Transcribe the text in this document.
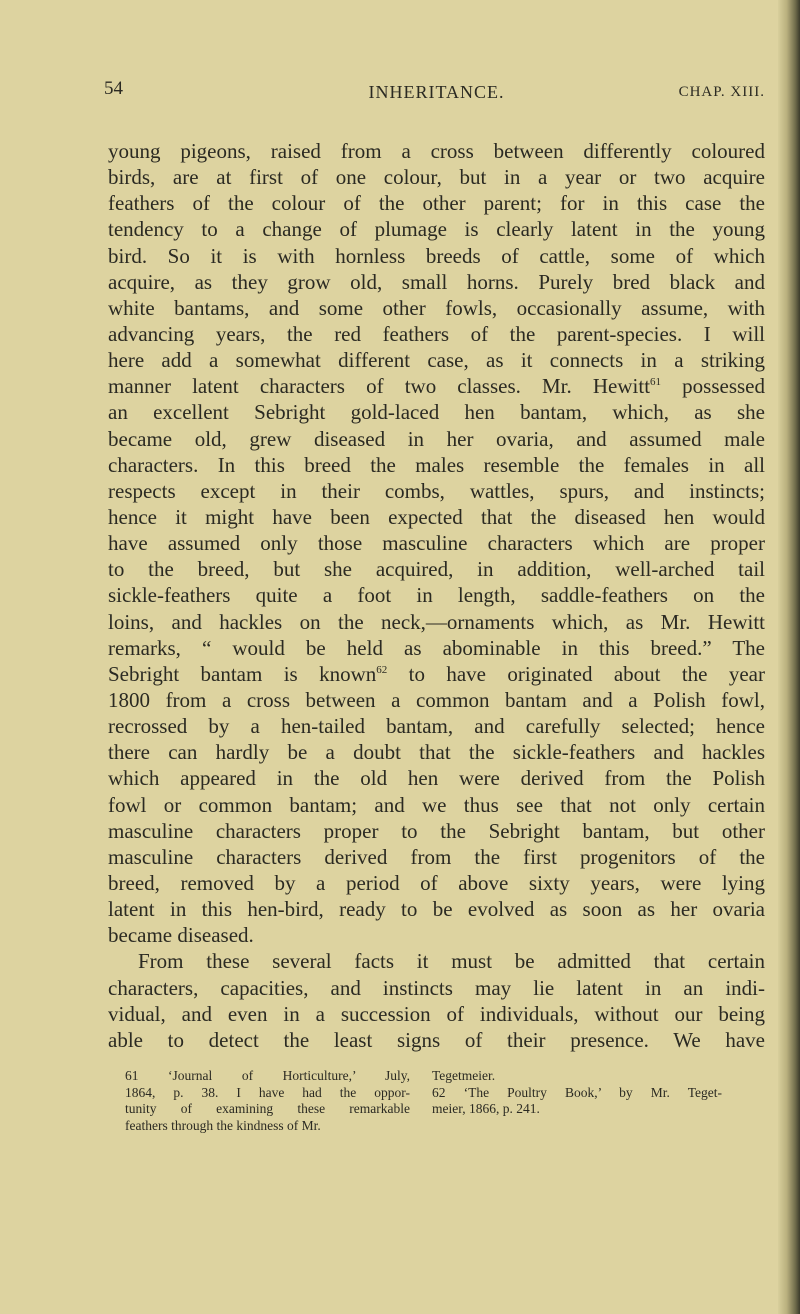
54	INHERITANCE.	CHAP. XIII.
young pigeons, raised from a cross between differently coloured
birds, are at first of one colour, but in a year or two acquire
feathers of the colour of the other parent; for in this case the
tendency to a change of plumage is clearly latent in the young
bird. So it is with hornless breeds of cattle, some of which
acquire, as they grow old, small horns. Purely bred black and
white bantams, and some other fowls, occasionally assume, with
advancing years, the red feathers of the parent-species. I will
here add a somewhat different case, as it connects in a striking
manner latent characters of two classes. Mr. Hewitt$^{61}$ possessed
an excellent Sebright gold-laced hen bantam, which, as she
became old, grew diseased in her ovaria, and assumed male
characters. In this breed the males resemble the females in all
respects except in their combs, wattles, spurs, and instincts;
hence it might have been expected that the diseased hen would
have assumed only those masculine characters which are proper
to the breed, but she acquired, in addition, well-arched tail
sickle-feathers quite a foot in length, saddle-feathers on the
loins, and hackles on the neck,—ornaments which, as Mr. Hewitt
remarks, “ would be held as abominable in this breed.” The
Sebright bantam is known$^{62}$ to have originated about the year
1800 from a cross between a common bantam and a Polish fowl,
recrossed by a hen-tailed bantam, and carefully selected; hence
there can hardly be a doubt that the sickle-feathers and hackles
which appeared in the old hen were derived from the Polish
fowl or common bantam; and we thus see that not only certain
masculine characters proper to the Sebright bantam, but other
masculine characters derived from the first progenitors of the
breed, removed by a period of above sixty years, were lying
latent in this hen-bird, ready to be evolved as soon as her ovaria
became diseased.
From these several facts it must be admitted that certain
characters, capacities, and instincts may lie latent in an indi-
vidual, and even in a succession of individuals, without our being
able to detect the least signs of their presence. We have
61 ‘Journal of Horticulture,’ July,
1864, p. 38. I have had the oppor-
tunity of examining these remarkable
feathers through the kindness of Mr.
Tegetmeier.
62 ‘The Poultry Book,’ by Mr. Teget-
meier, 1866, p. 241.
